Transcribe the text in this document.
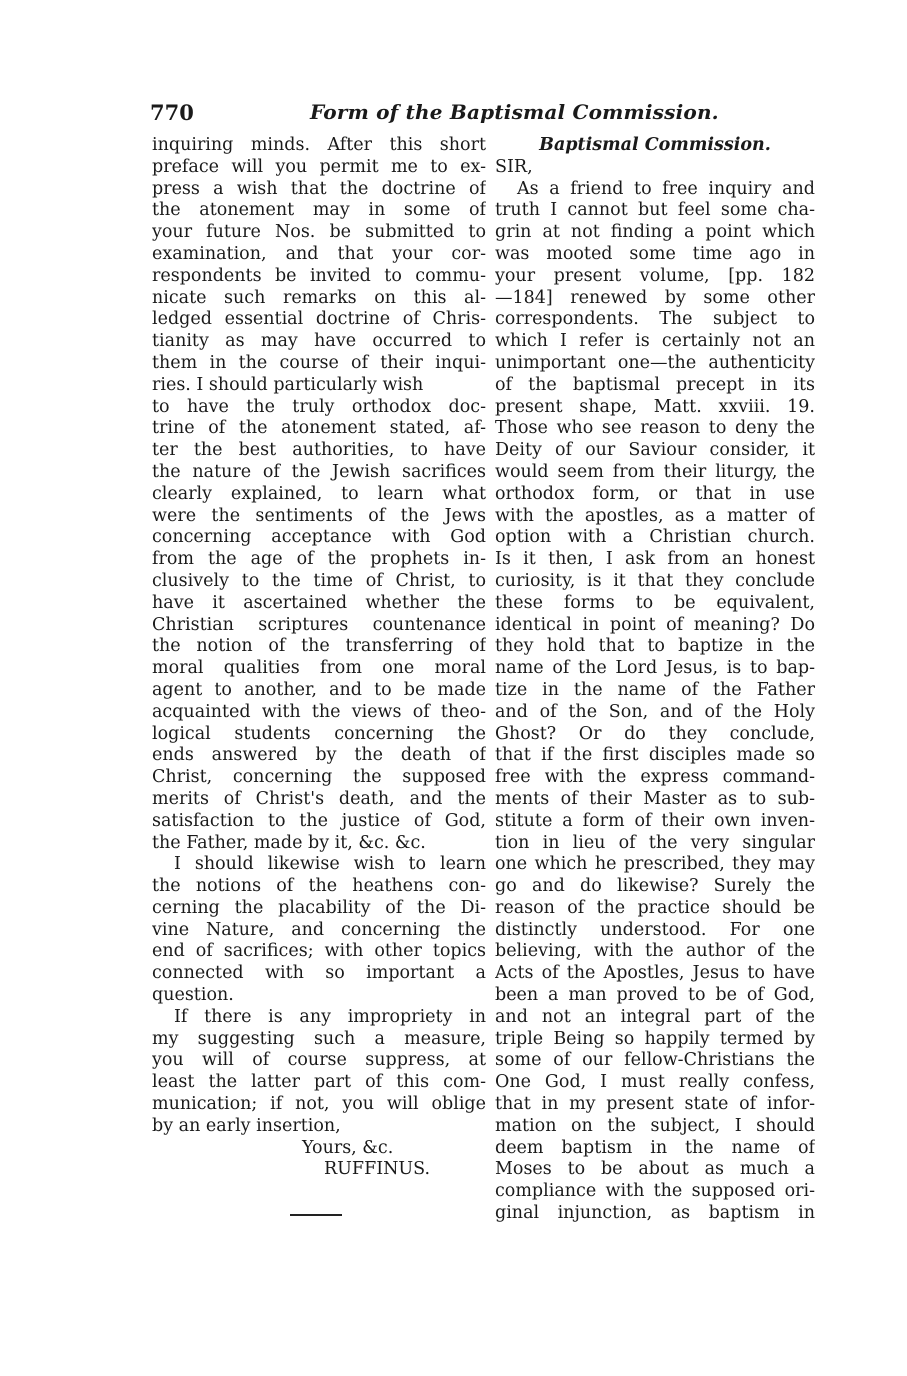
770	Form of the Baptismal Commission.
inquiring minds. After this short
preface will you permit me to ex-
press a wish that the doctrine of
the atonement may in some of
your future Nos. be submitted to
examination, and that your cor-
respondents be invited to commu-
nicate such remarks on this al-
ledged essential doctrine of Chris-
tianity as may have occurred to
them in the course of their inqui-
ries. I should particularly wish
to have the truly orthodox doc-
trine of the atonement stated, af-
ter the best authorities, to have
the nature of the Jewish sacrifices
clearly explained, to learn what
were the sentiments of the Jews
concerning acceptance with God
from the age of the prophets in-
clusively to the time of Christ, to
have it ascertained whether the
Christian scriptures countenance
the notion of the transferring of
moral qualities from one moral
agent to another, and to be made
acquainted with the views of theo-
logical students concerning the
ends answered by the death of
Christ, concerning the supposed
merits of Christ's death, and the
satisfaction to the justice of God,
the Father, made by it, &c. &c.
I should likewise wish to learn
the notions of the heathens con-
cerning the placability of the Di-
vine Nature, and concerning the
end of sacrifices; with other topics
connected with so important a
question.
If there is any impropriety in
my suggesting such a measure,
you will of course suppress, at
least the latter part of this com-
munication; if not, you will oblige
by an early insertion,
Yours, &c.
RUFFINUS.
Baptismal Commission.
SIR,
As a friend to free inquiry and
truth I cannot but feel some cha-
grin at not finding a point which
was mooted some time ago in
your present volume, [pp. 182
—184] renewed by some other
correspondents. The subject to
which I refer is certainly not an
unimportant one—the authenticity
of the baptismal precept in its
present shape, Matt. xxviii. 19.
Those who see reason to deny the
Deity of our Saviour consider, it
would seem from their liturgy, the
orthodox form, or that in use
with the apostles, as a matter of
option with a Christian church.
Is it then, I ask from an honest
curiosity, is it that they conclude
these forms to be equivalent,
identical in point of meaning? Do
they hold that to baptize in the
name of the Lord Jesus, is to bap-
tize in the name of the Father
and of the Son, and of the Holy
Ghost? Or do they conclude,
that if the first disciples made so
free with the express command-
ments of their Master as to sub-
stitute a form of their own inven-
tion in lieu of the very singular
one which he prescribed, they may
go and do likewise? Surely the
reason of the practice should be
distinctly understood. For one
believing, with the author of the
Acts of the Apostles, Jesus to have
been a man proved to be of God,
and not an integral part of the
triple Being so happily termed by
some of our fellow-Christians the
One God, I must really confess,
that in my present state of infor-
mation on the subject, I should
deem baptism in the name of
Moses to be about as much a
compliance with the supposed ori-
ginal injunction, as baptism in
